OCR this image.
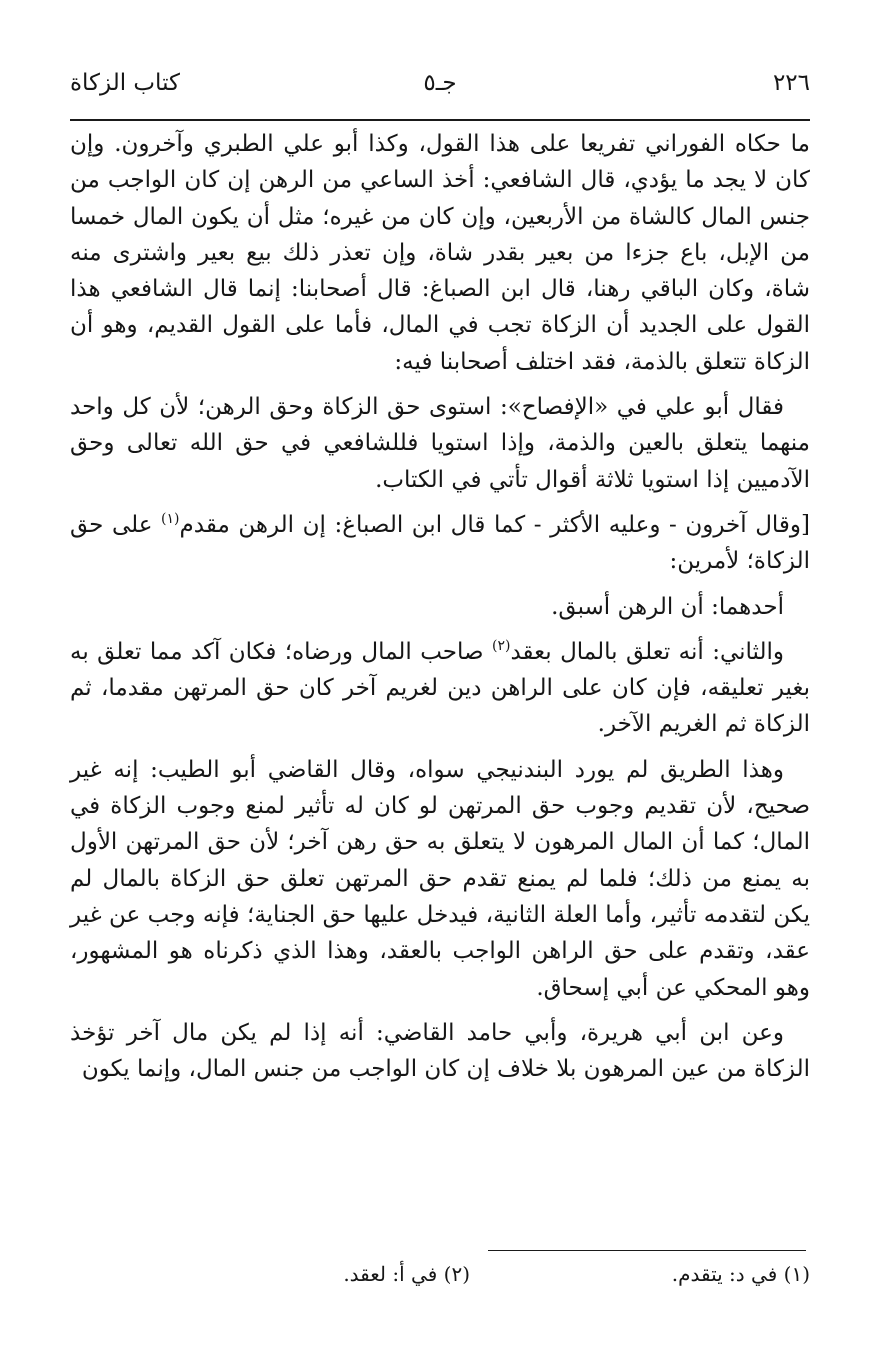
٢٢٦
جـ٥
كتاب الزكاة

ما حكاه الفوراني تفريعا على هذا القول، وكذا أبو علي الطبري وآخرون. وإن كان لا يجد ما يؤدي، قال الشافعي: أخذ الساعي من الرهن إن كان الواجب من جنس المال كالشاة من الأربعين، وإن كان من غيره؛ مثل أن يكون المال خمسا من الإبل، باع جزءا من بعير بقدر شاة، وإن تعذر ذلك بيع بعير واشترى منه شاة، وكان الباقي رهنا، قال ابن الصباغ: قال أصحابنا: إنما قال الشافعي هذا القول على الجديد أن الزكاة تجب في المال، فأما على القول القديم، وهو أن الزكاة تتعلق بالذمة، فقد اختلف أصحابنا فيه:

فقال أبو علي في «الإفصاح»: استوى حق الزكاة وحق الرهن؛ لأن كل واحد منهما يتعلق بالعين والذمة، وإذا استويا فللشافعي في حق الله تعالى وحق الآدميين إذا استويا ثلاثة أقوال تأتي في الكتاب.

[وقال آخرون - وعليه الأكثر - كما قال ابن الصباغ: إن الرهن مقدم$^{(١)}$ على حق الزكاة؛ لأمرين:

أحدهما: أن الرهن أسبق.

والثاني: أنه تعلق بالمال بعقد$^{(٢)}$ صاحب المال ورضاه؛ فكان آكد مما تعلق به بغير تعليقه، فإن كان على الراهن دين لغريم آخر كان حق المرتهن مقدما، ثم الزكاة ثم الغريم الآخر.

وهذا الطريق لم يورد البندنيجي سواه، وقال القاضي أبو الطيب: إنه غير صحيح، لأن تقديم وجوب حق المرتهن لو كان له تأثير لمنع وجوب الزكاة في المال؛ كما أن المال المرهون لا يتعلق به حق رهن آخر؛ لأن حق المرتهن الأول به يمنع من ذلك؛ فلما لم يمنع تقدم حق المرتهن تعلق حق الزكاة بالمال لم يكن لتقدمه تأثير، وأما العلة الثانية، فيدخل عليها حق الجناية؛ فإنه وجب عن غير عقد، وتقدم على حق الراهن الواجب بالعقد، وهذا الذي ذكرناه هو المشهور، وهو المحكي عن أبي إسحاق.

وعن ابن أبي هريرة، وأبي حامد القاضي: أنه إذا لم يكن مال آخر تؤخذ الزكاة من عين المرهون بلا خلاف إن كان الواجب من جنس المال، وإنما يكون

(١) في د: يتقدم.
(٢) في أ: لعقد.
